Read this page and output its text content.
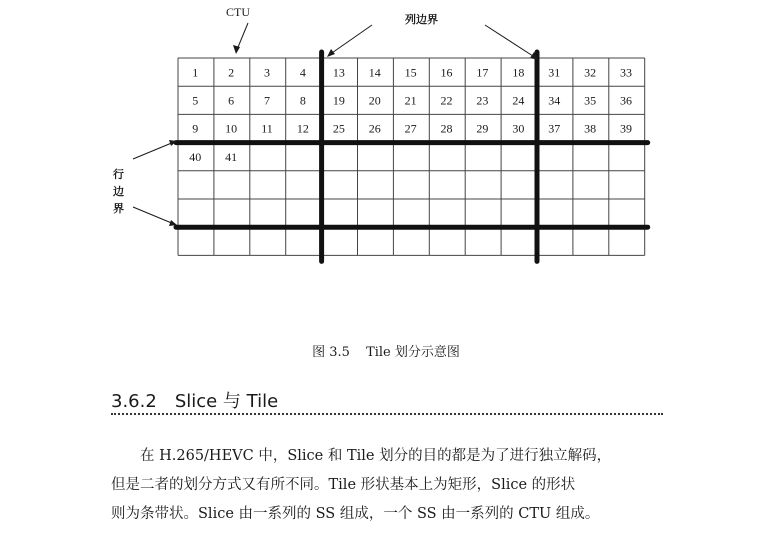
1 2 3 4 13 14 15 16 17 18 31 32 33
5 6 7 8 19 20 21 22 23 24 34 35 36
9 10 11 12 25 26 27 28 29 30 37 38 39
40 41
CTU
列边界
行
边
界
图 3.5 Tile 划分示意图
3.6.2 Slice 与 Tile
在 H.265/HEVC 中，Slice 和 Tile 划分的目的都是为了进行独立解码，
但是二者的划分方式又有所不同。Tile 形状基本上为矩形，Slice 的形状
则为条带状。Slice 由一系列的 SS 组成，一个 SS 由一系列的 CTU 组成。
